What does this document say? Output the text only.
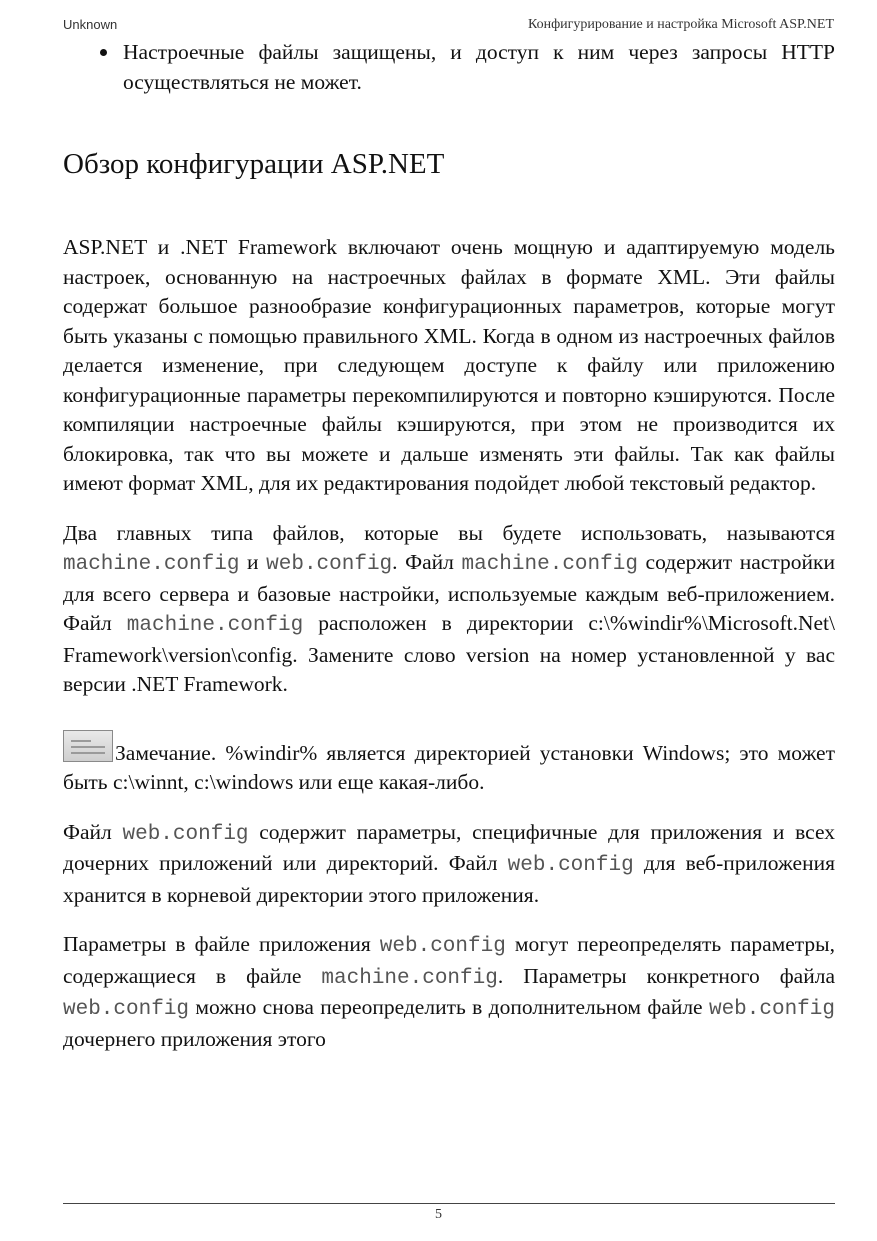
Unknown	Конфигурирование и настройка Microsoft ASP.NET
Настроечные файлы защищены, и доступ к ним через запросы HTTP осуществляться не может.
Обзор конфигурации ASP.NET

ASP.NET и .NET Framework включают очень мощную и адаптируемую модель настроек, основанную на настроечных файлах в формате XML. Эти файлы содержат большое разнообразие конфигурационных параметров, которые могут быть указаны с помощью правильного XML. Когда в одном из настроечных файлов делается изменение, при следующем доступе к файлу или приложению конфигурационные параметры перекомпилируются и повторно кэшируются. После компиляции настроечные файлы кэшируются, при этом не производится их блокировка, так что вы можете и дальше изменять эти файлы. Так как файлы имеют формат XML, для их редактирования подойдет любой текстовый редактор.

Два главных типа файлов, которые вы будете использовать, называются machine.config и web.config. Файл machine.config содержит настройки для всего сервера и базовые настройки, используемые каждым веб-приложением. Файл machine.config расположен в директории c:\%windir%\Microsoft.Net\ Framework\version\config. Замените слово version на номер установленной у вас версии .NET Framework.

Замечание. %windir% является директорией установки Windows; это может быть c:\winnt, c:\windows или еще какая-либо.

Файл web.config содержит параметры, специфичные для приложения и всех дочерних приложений или директорий. Файл web.config для веб-приложения хранится в корневой директории этого приложения.

Параметры в файле приложения web.config могут переопределять параметры, содержащиеся в файле machine.config. Параметры конкретного файла web.config можно снова переопределить в дополнительном файле web.config дочернего приложения этого

5
